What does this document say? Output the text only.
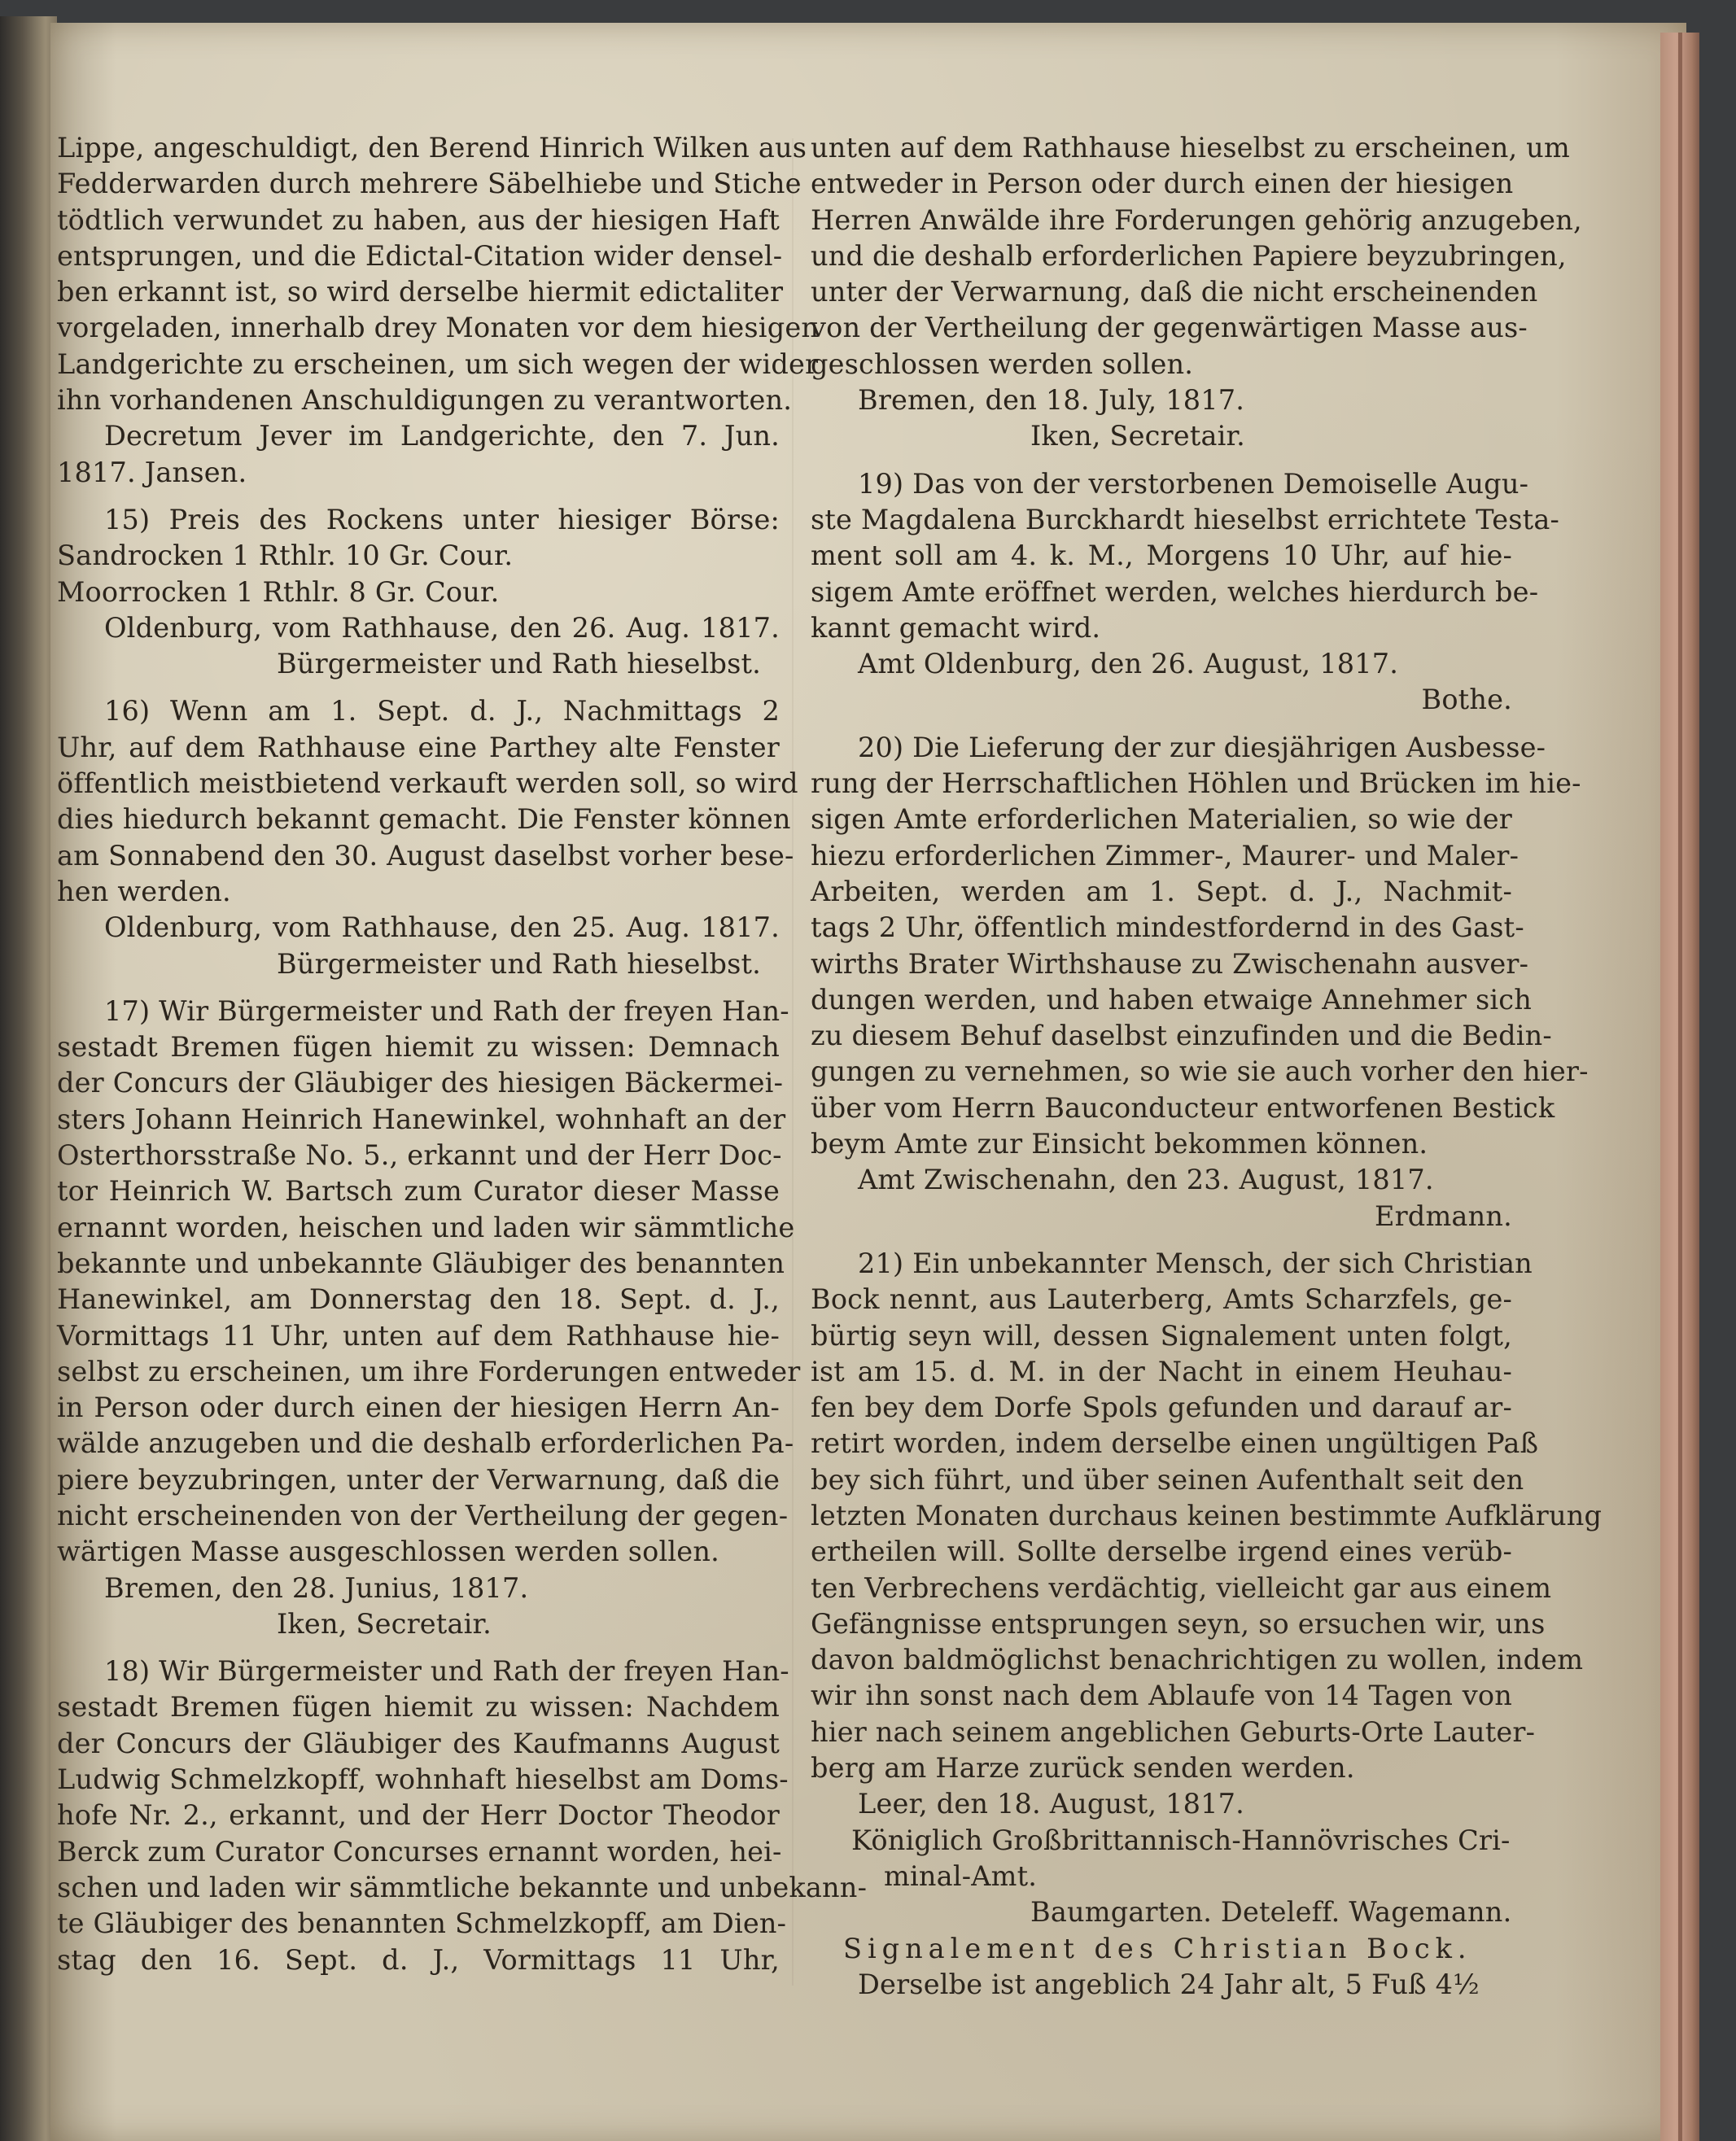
Lippe, angeschuldigt, den Berend Hinrich Wilken aus
Fedderwarden durch mehrere Säbelhiebe und Stiche
tödtlich verwundet zu haben, aus der hiesigen Haft
entsprungen, und die Edictal-Citation wider densel-
ben erkannt ist, so wird derselbe hiermit edictaliter
vorgeladen, innerhalb drey Monaten vor dem hiesigen
Landgerichte zu erscheinen, um sich wegen der wider
ihn vorhandenen Anschuldigungen zu verantworten.
Decretum Jever im Landgerichte, den 7. Jun.
1817. Jansen.
15) Preis des Rockens unter hiesiger Börse:
Sandrocken 1 Rthlr. 10 Gr. Cour.
Moorrocken 1 Rthlr. 8 Gr. Cour.
Oldenburg, vom Rathhause, den 26. Aug. 1817.
Bürgermeister und Rath hieselbst.
16) Wenn am 1. Sept. d. J., Nachmittags 2
Uhr, auf dem Rathhause eine Parthey alte Fenster
öffentlich meistbietend verkauft werden soll, so wird
dies hiedurch bekannt gemacht. Die Fenster können
am Sonnabend den 30. August daselbst vorher bese-
hen werden.
Oldenburg, vom Rathhause, den 25. Aug. 1817.
Bürgermeister und Rath hieselbst.
17) Wir Bürgermeister und Rath der freyen Han-
sestadt Bremen fügen hiemit zu wissen: Demnach
der Concurs der Gläubiger des hiesigen Bäckermei-
sters Johann Heinrich Hanewinkel, wohnhaft an der
Osterthorsstraße No. 5., erkannt und der Herr Doc-
tor Heinrich W. Bartsch zum Curator dieser Masse
ernannt worden, heischen und laden wir sämmtliche
bekannte und unbekannte Gläubiger des benannten
Hanewinkel, am Donnerstag den 18. Sept. d. J.,
Vormittags 11 Uhr, unten auf dem Rathhause hie-
selbst zu erscheinen, um ihre Forderungen entweder
in Person oder durch einen der hiesigen Herrn An-
wälde anzugeben und die deshalb erforderlichen Pa-
piere beyzubringen, unter der Verwarnung, daß die
nicht erscheinenden von der Vertheilung der gegen-
wärtigen Masse ausgeschlossen werden sollen.
Bremen, den 28. Junius, 1817.
Iken, Secretair.
18) Wir Bürgermeister und Rath der freyen Han-
sestadt Bremen fügen hiemit zu wissen: Nachdem
der Concurs der Gläubiger des Kaufmanns August
Ludwig Schmelzkopff, wohnhaft hieselbst am Doms-
hofe Nr. 2., erkannt, und der Herr Doctor Theodor
Berck zum Curator Concurses ernannt worden, hei-
schen und laden wir sämmtliche bekannte und unbekann-
te Gläubiger des benannten Schmelzkopff, am Dien-
stag den 16. Sept. d. J., Vormittags 11 Uhr,
unten auf dem Rathhause hieselbst zu erscheinen, um
entweder in Person oder durch einen der hiesigen
Herren Anwälde ihre Forderungen gehörig anzugeben,
und die deshalb erforderlichen Papiere beyzubringen,
unter der Verwarnung, daß die nicht erscheinenden
von der Vertheilung der gegenwärtigen Masse aus-
geschlossen werden sollen.
Bremen, den 18. July, 1817.
Iken, Secretair.
19) Das von der verstorbenen Demoiselle Augu-
ste Magdalena Burckhardt hieselbst errichtete Testa-
ment soll am 4. k. M., Morgens 10 Uhr, auf hie-
sigem Amte eröffnet werden, welches hierdurch be-
kannt gemacht wird.
Amt Oldenburg, den 26. August, 1817.
Bothe.
20) Die Lieferung der zur diesjährigen Ausbesse-
rung der Herrschaftlichen Höhlen und Brücken im hie-
sigen Amte erforderlichen Materialien, so wie der
hiezu erforderlichen Zimmer-, Maurer- und Maler-
Arbeiten, werden am 1. Sept. d. J., Nachmit-
tags 2 Uhr, öffentlich mindestfordernd in des Gast-
wirths Brater Wirthshause zu Zwischenahn ausver-
dungen werden, und haben etwaige Annehmer sich
zu diesem Behuf daselbst einzufinden und die Bedin-
gungen zu vernehmen, so wie sie auch vorher den hier-
über vom Herrn Bauconducteur entworfenen Bestick
beym Amte zur Einsicht bekommen können.
Amt Zwischenahn, den 23. August, 1817.
Erdmann.
21) Ein unbekannter Mensch, der sich Christian
Bock nennt, aus Lauterberg, Amts Scharzfels, ge-
bürtig seyn will, dessen Signalement unten folgt,
ist am 15. d. M. in der Nacht in einem Heuhau-
fen bey dem Dorfe Spols gefunden und darauf ar-
retirt worden, indem derselbe einen ungültigen Paß
bey sich führt, und über seinen Aufenthalt seit den
letzten Monaten durchaus keinen bestimmte Aufklärung
ertheilen will. Sollte derselbe irgend eines verüb-
ten Verbrechens verdächtig, vielleicht gar aus einem
Gefängnisse entsprungen seyn, so ersuchen wir, uns
davon baldmöglichst benachrichtigen zu wollen, indem
wir ihn sonst nach dem Ablaufe von 14 Tagen von
hier nach seinem angeblichen Geburts-Orte Lauter-
berg am Harze zurück senden werden.
Leer, den 18. August, 1817.
Königlich Großbrittannisch-Hannövrisches Cri-
minal-Amt.
Baumgarten. Deteleff. Wagemann.
Signalement des Christian Bock.
Derselbe ist angeblich 24 Jahr alt, 5 Fuß 4½
